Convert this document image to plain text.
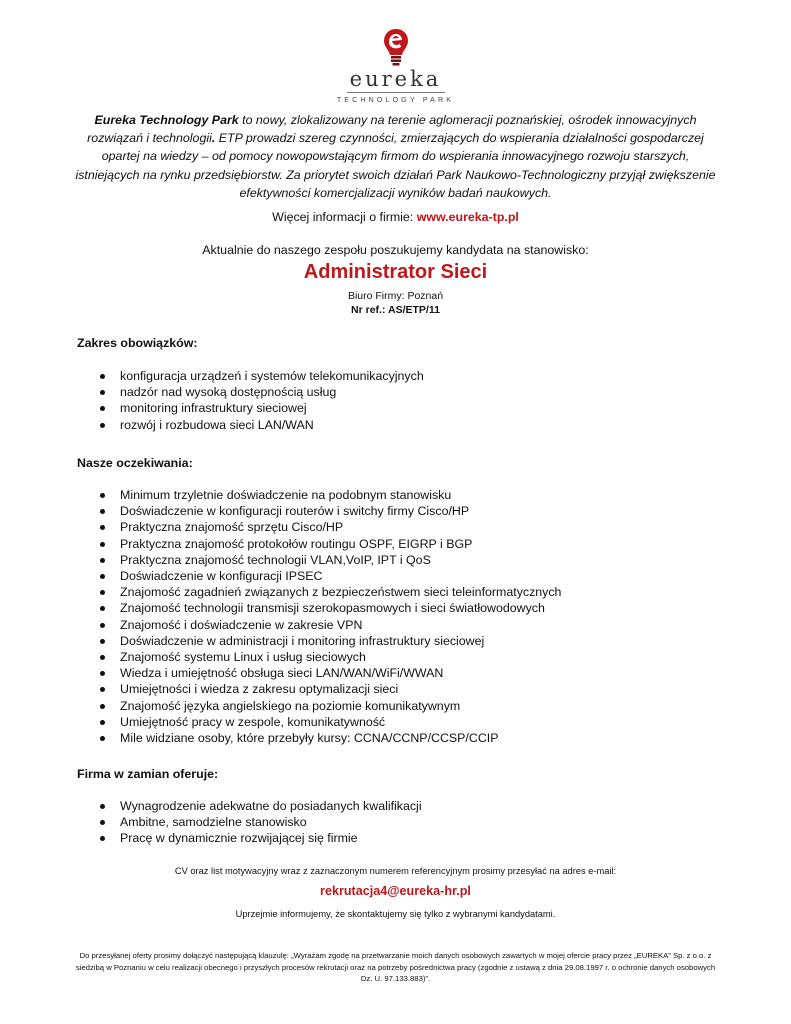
eureka
TECHNOLOGY PARK
Eureka Technology Park to nowy, zlokalizowany na terenie aglomeracji poznańskiej, ośrodek innowacyjnych rozwiązań i technologii. ETP prowadzi szereg czynności, zmierzających do wspierania działalności gospodarczej opartej na wiedzy – od pomocy nowopowstającym firmom do wspierania innowacyjnego rozwoju starszych, istniejących na rynku przedsiębiorstw. Za priorytet swoich działań Park Naukowo-Technologiczny przyjął zwiększenie efektywności komercjalizacji wyników badań naukowych.
Więcej informacji o firmie: www.eureka-tp.pl
Aktualnie do naszego zespołu poszukujemy kandydata na stanowisko:
Administrator Sieci
Biuro Firmy: Poznań
Nr ref.: AS/ETP/11
Zakres obowiązków:
konfiguracja urządzeń i systemów telekomunikacyjnych
nadzór nad wysoką dostępnością usług
monitoring infrastruktury sieciowej
rozwój i rozbudowa sieci LAN/WAN
Nasze oczekiwania:
Minimum trzyletnie doświadczenie na podobnym stanowisku
Doświadczenie w konfiguracji routerów i switchy firmy Cisco/HP
Praktyczna znajomość sprzętu Cisco/HP
Praktyczna znajomość protokołów routingu OSPF, EIGRP i BGP
Praktyczna znajomość technologii VLAN,VoIP, IPT i QoS
Doświadczenie w konfiguracji IPSEC
Znajomość zagadnień związanych z bezpieczeństwem sieci teleinformatycznych
Znajomość technologii transmisji szerokopasmowych i sieci światłowodowych
Znajomość i doświadczenie w zakresie VPN
Doświadczenie w administracji i monitoring infrastruktury sieciowej
Znajomość systemu Linux i usług sieciowych
Wiedza i umiejętność obsługa sieci LAN/WAN/WiFi/WWAN
Umiejętności i wiedza z zakresu optymalizacji sieci
Znajomość języka angielskiego na poziomie komunikatywnym
Umiejętność pracy w zespole, komunikatywność
Mile widziane osoby, które przebyły kursy: CCNA/CCNP/CCSP/CCIP
Firma w zamian oferuje:
Wynagrodzenie adekwatne do posiadanych kwalifikacji
Ambitne, samodzielne stanowisko
Pracę w dynamicznie rozwijającej się firmie
CV oraz list motywacyjny wraz z zaznaczonym numerem referencyjnym prosimy przesyłać na adres e-mail:
rekrutacja4@eureka-hr.pl
Uprzejmie informujemy, że skontaktujemy się tylko z wybranymi kandydatami.
Do przesyłanej oferty prosimy dołączyć następującą klauzulę: „Wyrażam zgodę na przetwarzanie moich danych osobowych zawartych w mojej ofercie pracy przez „EUREKA” Sp. z o.o. z siedzibą w Poznaniu w celu realizacji obecnego i przyszłych procesów rekrutacji oraz na potrzeby pośrednictwa pracy (zgodnie z ustawą z dnia 29.08.1997 r. o ochronie danych osobowych Dz. U. 97.133.883)”.
